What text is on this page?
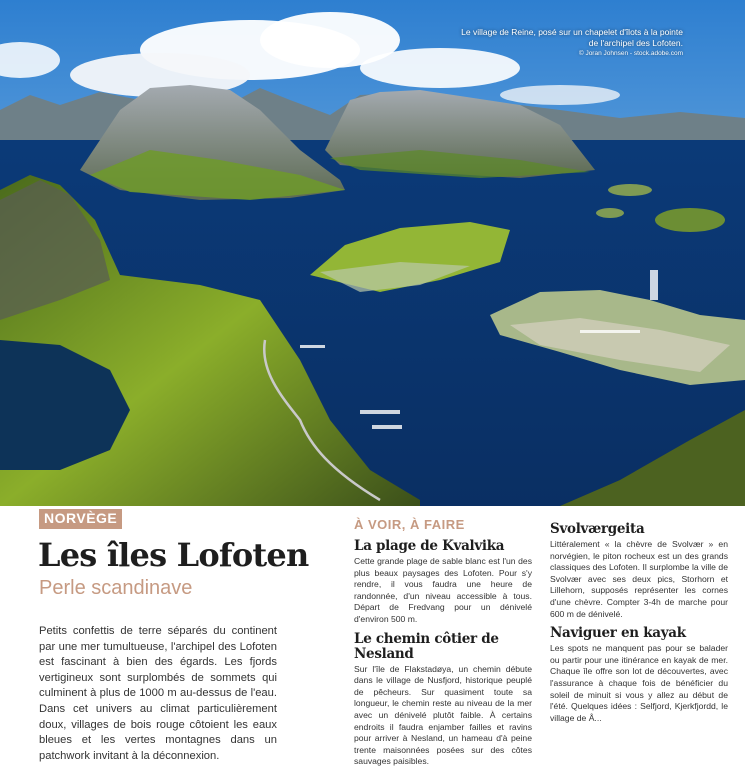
Le village de Reine, posé sur un chapelet d'îlots à la pointe de l'archipel des Lofoten.
© Joran Johnsen - stock.adobe.com
NORVÈGE
Les îles Lofoten
Perle scandinave

Petits confettis de terre séparés du continent par une mer tumultueuse, l'archipel des Lofoten est fascinant à bien des égards. Les fjords vertigineux sont surplombés de sommets qui culminent à plus de 1000 m au-dessus de l'eau. Dans cet univers au climat particulièrement doux, villages de bois rouge côtoient les eaux bleues et les vertes montagnes dans un patchwork invitant à la déconnexion.

À VOIR, À FAIRE
La plage de Kvalvika

Cette grande plage de sable blanc est l'un des plus beaux paysages des Lofoten. Pour s'y rendre, il vous faudra une heure de randonnée, d'un niveau accessible à tous. Départ de Fredvang pour un dénivelé d'environ 500 m.

Le chemin côtier de Nesland

Sur l'île de Flakstadøya, un chemin débute dans le village de Nusfjord, historique peuplé de pêcheurs. Sur quasiment toute sa longueur, le chemin reste au niveau de la mer avec un dénivelé plutôt faible. À certains endroits il faudra enjamber failles et ravins pour arriver à Nesland, un hameau d'à peine trente maisonnées posées sur des côtes sauvages paisibles.

Svolværgeita

Littéralement « la chèvre de Svolvær » en norvégien, le piton rocheux est un des grands classiques des Lofoten. Il surplombe la ville de Svolvær avec ses deux pics, Storhorn et Lillehorn, supposés représenter les cornes d'une chèvre. Compter 3-4h de marche pour 600 m de dénivelé.

Naviguer en kayak

Les spots ne manquent pas pour se balader ou partir pour une itinérance en kayak de mer. Chaque île offre son lot de découvertes, avec l'assurance à chaque fois de bénéficier du soleil de minuit si vous y allez au début de l'été. Quelques idées : Selfjord, Kjerkfjordd, le village de Å...
